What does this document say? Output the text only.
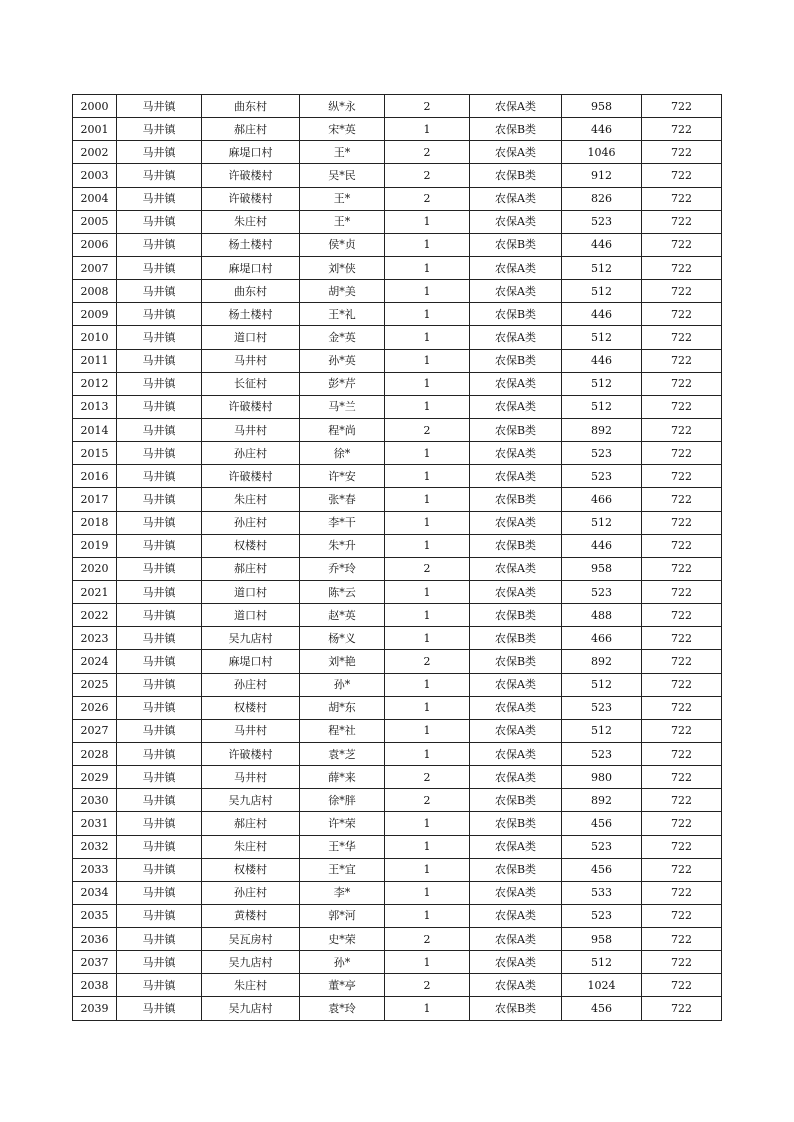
2000	马井镇	曲东村	纵*永	2	农保A类	958	722
2001	马井镇	郝庄村	宋*英	1	农保B类	446	722
2002	马井镇	麻堤口村	王*	2	农保A类	1046	722
2003	马井镇	许破楼村	吴*民	2	农保B类	912	722
2004	马井镇	许破楼村	王*	2	农保A类	826	722
2005	马井镇	朱庄村	王*	1	农保A类	523	722
2006	马井镇	杨土楼村	侯*贞	1	农保B类	446	722
2007	马井镇	麻堤口村	刘*侠	1	农保A类	512	722
2008	马井镇	曲东村	胡*美	1	农保A类	512	722
2009	马井镇	杨土楼村	王*礼	1	农保B类	446	722
2010	马井镇	道口村	金*英	1	农保A类	512	722
2011	马井镇	马井村	孙*英	1	农保B类	446	722
2012	马井镇	长征村	彭*芹	1	农保A类	512	722
2013	马井镇	许破楼村	马*兰	1	农保A类	512	722
2014	马井镇	马井村	程*尚	2	农保B类	892	722
2015	马井镇	孙庄村	徐*	1	农保A类	523	722
2016	马井镇	许破楼村	许*安	1	农保A类	523	722
2017	马井镇	朱庄村	张*春	1	农保B类	466	722
2018	马井镇	孙庄村	李*干	1	农保A类	512	722
2019	马井镇	权楼村	朱*升	1	农保B类	446	722
2020	马井镇	郝庄村	乔*玲	2	农保A类	958	722
2021	马井镇	道口村	陈*云	1	农保A类	523	722
2022	马井镇	道口村	赵*英	1	农保B类	488	722
2023	马井镇	吴九店村	杨*义	1	农保B类	466	722
2024	马井镇	麻堤口村	刘*艳	2	农保B类	892	722
2025	马井镇	孙庄村	孙*	1	农保A类	512	722
2026	马井镇	权楼村	胡*东	1	农保A类	523	722
2027	马井镇	马井村	程*社	1	农保A类	512	722
2028	马井镇	许破楼村	袁*芝	1	农保A类	523	722
2029	马井镇	马井村	薛*来	2	农保A类	980	722
2030	马井镇	吴九店村	徐*胖	2	农保B类	892	722
2031	马井镇	郝庄村	许*荣	1	农保B类	456	722
2032	马井镇	朱庄村	王*华	1	农保A类	523	722
2033	马井镇	权楼村	王*宜	1	农保B类	456	722
2034	马井镇	孙庄村	李*	1	农保A类	533	722
2035	马井镇	黄楼村	郭*河	1	农保A类	523	722
2036	马井镇	吴瓦房村	史*荣	2	农保A类	958	722
2037	马井镇	吴九店村	孙*	1	农保A类	512	722
2038	马井镇	朱庄村	董*亭	2	农保A类	1024	722
2039	马井镇	吴九店村	袁*玲	1	农保B类	456	722
